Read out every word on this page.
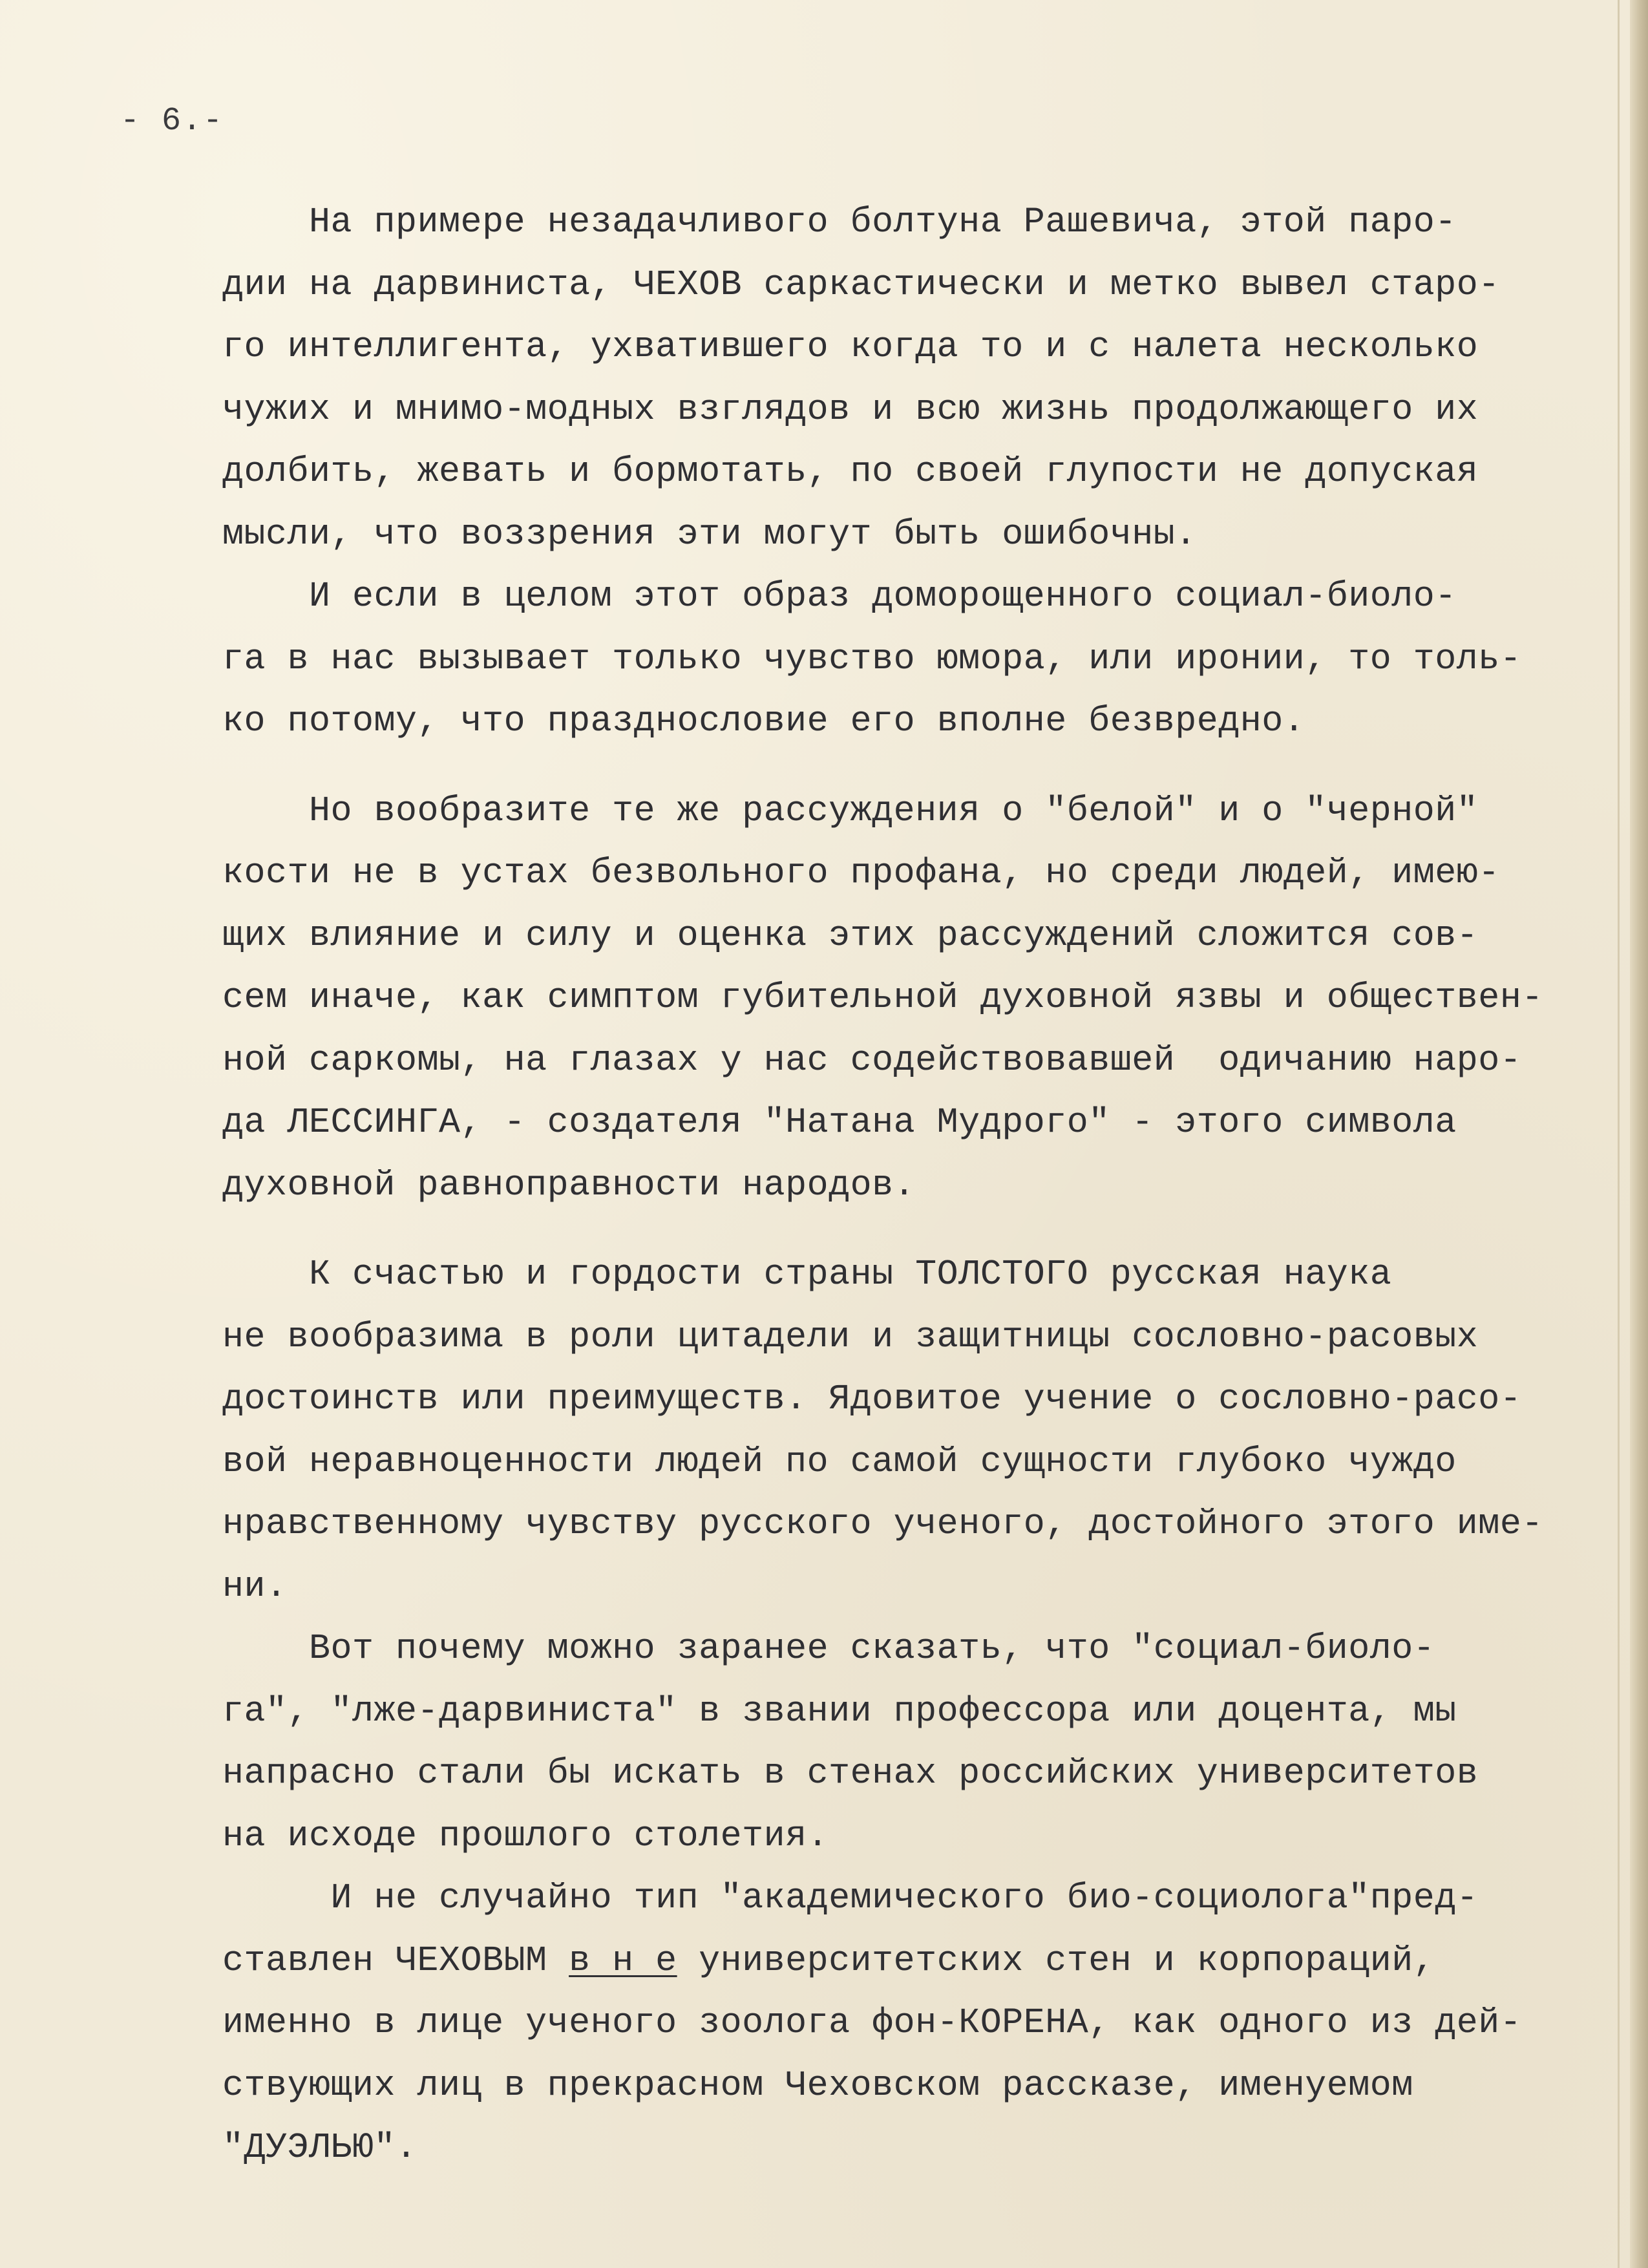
- 6.-

На примере незадачливого болтуна Рашевича, этой паро-
дии на дарвиниста, ЧЕХОВ саркастически и метко вывел старо-
го интеллигента, ухватившего когда то и с налета несколько
чужих и мнимо-модных взглядов и всю жизнь продолжающего их
долбить, жевать и бормотать, по своей глупости не допуская
мысли, что воззрения эти могут быть ошибочны.

И если в целом этот образ доморощенного социал-биоло-
га в нас вызывает только чувство юмора, или иронии, то толь-
ко потому, что празднословие его вполне безвредно.

Но вообразите те же рассуждения о "белой" и о "черной"
кости не в устах безвольного профана, но среди людей, имею-
щих влияние и силу и оценка этих рассуждений сложится сов-
сем иначе, как симптом губительной духовной язвы и обществен-
ной саркомы, на глазах у нас содействовавшей  одичанию наро-
да ЛЕССИНГА, - создателя "Натана Мудрого" - этого символа
духовной равноправности народов.

К счастью и гордости страны ТОЛСТОГО русская наука
не вообразима в роли цитадели и защитницы сословно-расовых
достоинств или преимуществ. Ядовитое учение о сословно-расо-
вой неравноценности людей по самой сущности глубоко чуждо
нравственному чувству русского ученого, достойного этого име-
ни.

Вот почему можно заранее сказать, что "социал-биоло-
га", "лже-дарвиниста" в звании профессора или доцента, мы
напрасно стали бы искать в стенах российских университетов
на исходе прошлого столетия.

И не случайно тип "академического био-социолога"пред-
ставлен ЧЕХОВЫМ в н е университетских стен и корпораций,
именно в лице ученого зоолога фон-КОРЕНА, как одного из дей-
ствующих лиц в прекрасном Чеховском рассказе, именуемом
"ДУЭЛЬЮ".
